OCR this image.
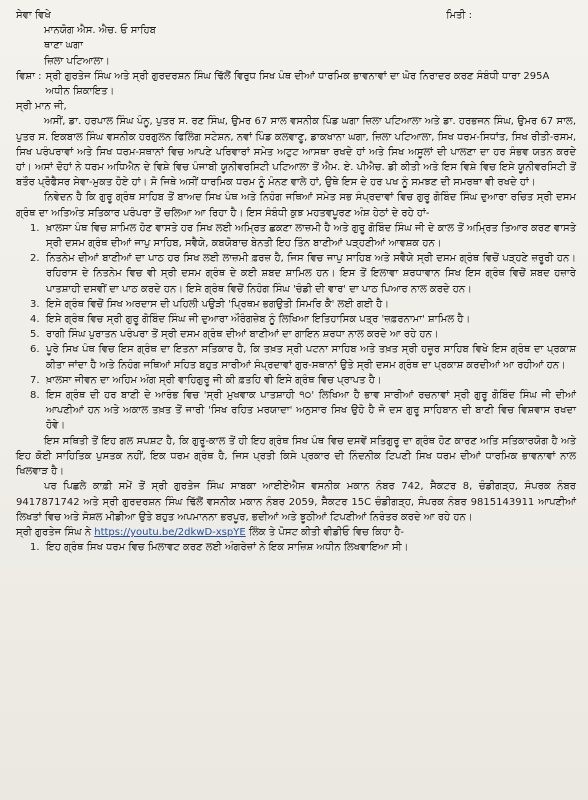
ਸੇਵਾ ਵਿਖੇ	ਮਿਤੀ :
ਮਾਨਯੋਗ ਐਸ. ਐਚ. ਓ ਸਾਹਿਬ
ਥਾਣਾ ਘਗਾ
ਜ਼ਿਲਾ ਪਟਿਆਲਾ।
ਵਿਸ਼ਾ : ਸ੍ਰੀ ਗੁਰਤੇਜ ਸਿੰਘ ਅਤੇ ਸ੍ਰੀ ਗੁਰਦਰਸ਼ਨ ਸਿੰਘ ਢਿੱਲੋਂ ਵਿਰੁਧ ਸਿਖ ਪੰਥ ਦੀਆਂ ਧਾਰਮਿਕ ਭਾਵਨਾਵਾਂ ਦਾ ਘੋਰ ਨਿਰਾਦਰ ਕਰਣ ਸੰਬੰਧੀ ਧਾਰਾ 295A ਅਧੀਨ ਸ਼ਿਕਾਇਤ।

ਸ੍ਰੀ ਮਾਨ ਜੀ,

ਅਸੀਂ, ਡਾ. ਹਰਪਾਲ ਸਿੰਘ ਪੰਨੂ, ਪੁਤਰ ਸ. ਰਣ ਸਿੰਘ, ਉਮਰ 67 ਸਾਲ ਵਸਨੀਕ ਪਿੰਡ ਘਗਾ ਜ਼ਿਲਾ ਪਟਿਆਲਾ ਅਤੇ ਡਾ. ਹਰਭਜਨ ਸਿੰਘ, ਉਮਰ 67 ਸਾਲ, ਪੁਤਰ ਸ. ਇਕਬਾਲ ਸਿੰਘ ਵਸਨੀਕ ਹਰਗੁਲਨ ਫਿਲਿੰਗ ਸਟੇਸ਼ਨ, ਨਵਾਂ ਪਿੰਡ ਕਲਵਾਣੂ, ਡਾਕਖਾਨਾ ਘਗਾ, ਜ਼ਿਲਾ ਪਟਿਆਲਾ, ਸਿਖ ਧਰਮ-ਸਿਧਾਂਤ, ਸਿਖ ਰੀਤੀ-ਰਸਮ, ਸਿਖ ਪਰੰਪਰਾਵਾਂ ਅਤੇ ਸਿਖ ਧਰਮ-ਸਥਾਨਾਂ ਵਿਚ ਆਪਣੇ ਪਰਿਵਾਰਾਂ ਸਮੇਤ ਅਟੁਟ ਆਸਥਾ ਰਖਦੇ ਹਾਂ ਅਤੇ ਸਿਖ ਅਸੂਲਾਂ ਦੀ ਪਾਲਣਾ ਦਾ ਹਰ ਸੰਭਵ ਯਤਨ ਕਰਦੇ ਹਾਂ। ਅਸਾਂ ਦੋਹਾਂ ਨੇ ਧਰਮ ਅਧਿਐਨ ਦੇ ਵਿਸ਼ੇ ਵਿਚ ਪੰਜਾਬੀ ਯੂਨੀਵਰਸਿਟੀ ਪਟਿਆਲਾ ਤੋਂ ਐਮ. ਏ. ਪੀਐਚ. ਡੀ ਕੀਤੀ ਅਤੇ ਇਸ ਵਿਸ਼ੇ ਵਿਚ ਇਸੇ ਯੂਨੀਵਰਸਿਟੀ ਤੋਂ ਬਤੌਰ ਪ੍ਰੋਫੈਸਰ ਸੇਵਾ-ਮੁਕਤ ਹੋਏ ਹਾਂ। ਸੋ ਜਿਥੇ ਅਸੀਂ ਧਾਰਮਿਕ ਧਰਮ ਨੂੰ ਮੰਨਣ ਵਾਲੇ ਹਾਂ, ਉਥੇ ਇਸ ਦੇ ਹਰ ਪਖ ਨੂੰ ਸਮਝਣ ਦੀ ਸਮਰਥਾ ਵੀ ਰਖਦੇ ਹਾਂ।

ਨਿਵੇਦਨ ਹੈ ਕਿ ਗੁਰੂ ਗ੍ਰੰਥ ਸਾਹਿਬ ਤੋਂ ਬਾਅਦ ਸਿਖ ਪੰਥ ਅਤੇ ਨਿਹੰਗ ਜਥਿਆਂ ਸਮੇਤ ਸਭ ਸੰਪ੍ਰਦਾਵਾਂ ਵਿਚ ਗੁਰੂ ਗੋਬਿੰਦ ਸਿੰਘ ਦੁਆਰਾ ਰਚਿਤ ਸ੍ਰੀ ਦਸਮ ਗ੍ਰੰਥ ਦਾ ਅਤਿਅੰਤ ਸਤਿਕਾਰ ਪਰੰਪਰਾ ਤੋਂ ਚਲਿਆ ਆ ਰਿਹਾ ਹੈ। ਇਸ ਸੰਬੰਧੀ ਕੁਝ ਮਹਤਵਪੂਰਣ ਅੰਸ਼ ਹੇਠਾਂ ਦੇ ਰਹੇ ਹਾਂ-

1. ਖ਼ਾਲਸਾ ਪੰਥ ਵਿਚ ਸ਼ਾਮਿਲ ਹੋਣ ਵਾਸਤੇ ਹਰ ਸਿਖ ਲਈ ਅਮ੍ਰਿਤ ਛਕਣਾ ਲਾਜ਼ਮੀ ਹੈ ਅਤੇ ਗੁਰੂ ਗੋਬਿੰਦ ਸਿੰਘ ਜੀ ਦੇ ਕਾਲ ਤੋਂ ਅਮ੍ਰਿਤ ਤਿਆਰ ਕਰਣ ਵਾਸਤੇ ਸ੍ਰੀ ਦਸਮ ਗ੍ਰੰਥ ਦੀਆਂ ਜਾਪੁ ਸਾਹਿਬ, ਸਵੈਯੇ, ਕਬਯੋਬਾਚ ਬੇਨਤੀ ਇਹ ਤਿੰਨ ਬਾਣੀਆਂ ਪੜ੍ਹਣੀਆਂ ਆਵਸ਼ਕ ਹਨ।
2. ਨਿਤਨੇਮ ਦੀਆਂ ਬਾਣੀਆਂ ਦਾ ਪਾਠ ਹਰ ਸਿਖ ਲਈ ਲਾਜ਼ਮੀ ਫ਼ਰਜ਼ ਹੈ, ਜਿਸ ਵਿਚ ਜਾਪੁ ਸਾਹਿਬ ਅਤੇ ਸਵੈਯੇ ਸ੍ਰੀ ਦਸਮ ਗ੍ਰੰਥ ਵਿਚੋਂ ਪੜ੍ਹਣੇ ਜ਼ਰੂਰੀ ਹਨ। ਰਹਿਰਾਸ ਦੇ ਨਿਤਨੇਮ ਵਿਚ ਵੀ ਸ੍ਰੀ ਦਸਮ ਗ੍ਰੰਥ ਦੇ ਕਈ ਸ਼ਬਦ ਸ਼ਾਮਿਲ ਹਨ। ਇਸ ਤੋਂ ਇਲਾਵਾ ਸ਼ਰਧਾਵਾਨ ਸਿਖ ਇਸ ਗ੍ਰੰਥ ਵਿਚੋਂ ਸ਼ਬਦ ਹਜ਼ਾਰੇ ਪਾਤਸ਼ਾਹੀ ਦਸਵੀਂ ਦਾ ਪਾਠ ਕਰਦੇ ਹਨ। ਇਸੇ ਗ੍ਰੰਥ ਵਿਚੋਂ ਨਿਹੰਗ ਸਿੰਘ 'ਚੰਡੀ ਦੀ ਵਾਰ' ਦਾ ਪਾਠ ਪਿਆਰ ਨਾਲ ਕਰਦੇ ਹਨ।
3. ਇਸੇ ਗ੍ਰੰਥ ਵਿਚੋਂ ਸਿਖ ਅਰਦਾਸ ਦੀ ਪਹਿਲੀ ਪਉੜੀ 'ਪ੍ਰਿਥਮ ਭਗਉਤੀ ਸਿਮਰਿ ਕੈ' ਲਈ ਗਈ ਹੈ।
4. ਇਸੇ ਗ੍ਰੰਥ ਵਿਚ ਸ੍ਰੀ ਗੁਰੂ ਗੋਬਿੰਦ ਸਿੰਘ ਜੀ ਦੁਆਰਾ ਔਰੰਗਜ਼ੇਬ ਨੂੰ ਲਿਖਿਆ ਇਤਿਹਾਸਿਕ ਪਤ੍ਰ 'ਜ਼ਫ਼ਰਨਾਮਾ' ਸ਼ਾਮਿਲ ਹੈ।
5. ਰਾਗੀ ਸਿੰਘ ਪੁਰਾਤਨ ਪਰੰਪਰਾ ਤੋਂ ਸ੍ਰੀ ਦਸਮ ਗ੍ਰੰਥ ਦੀਆਂ ਬਾਣੀਆਂ ਦਾ ਗਾਇਨ ਸ਼ਰਧਾ ਨਾਲ ਕਰਦੇ ਆ ਰਹੇ ਹਨ।
6. ਪੂਰੇ ਸਿਖ ਪੰਥ ਵਿਚ ਇਸ ਗ੍ਰੰਥ ਦਾ ਇਤਨਾ ਸਤਿਕਾਰ ਹੈ, ਕਿ ਤਖ਼ਤ ਸ੍ਰੀ ਪਟਨਾ ਸਾਹਿਬ ਅਤੇ ਤਖ਼ਤ ਸ੍ਰੀ ਹਜ਼ੂਰ ਸਾਹਿਬ ਵਿਖੇ ਇਸ ਗ੍ਰੰਥ ਦਾ ਪ੍ਰਕਾਸ਼ ਕੀਤਾ ਜਾਂਦਾ ਹੈ ਅਤੇ ਨਿਹੰਗ ਜਥਿਆਂ ਸਹਿਤ ਬਹੁਤ ਸਾਰੀਆਂ ਸੰਪ੍ਰਦਾਵਾਂ ਗੁਰ-ਸਥਾਨਾਂ ਉਤੇ ਸ੍ਰੀ ਦਸਮ ਗ੍ਰੰਥ ਦਾ ਪ੍ਰਕਾਸ਼ ਕਰਦੀਆਂ ਆ ਰਹੀਆਂ ਹਨ।
7. ਖ਼ਾਲਸਾ ਜੀਵਨ ਦਾ ਅਹਿਮ ਅੰਗ ਸ੍ਰੀ ਵਾਹਿਗੁਰੂ ਜੀ ਕੀ ਫ਼ਤਹਿ ਵੀ ਇਸੇ ਗ੍ਰੰਥ ਵਿਚ ਪ੍ਰਾਪਤ ਹੈ।
8. ਇਸ ਗ੍ਰੰਥ ਦੀ ਹਰ ਬਾਣੀ ਦੇ ਆਰੰਭ ਵਿਚ 'ਸ੍ਰੀ ਮੁਖਵਾਕ ਪਾਤਸ਼ਾਹੀ ੧੦' ਲਿਖਿਆ ਹੈ ਭਾਵ ਸਾਰੀਆਂ ਰਚਨਾਵਾਂ ਸ੍ਰੀ ਗੁਰੂ ਗੋਬਿੰਦ ਸਿੰਘ ਜੀ ਦੀਆਂ ਆਪਣੀਆਂ ਹਨ ਅਤੇ ਅਕਾਲ ਤਖ਼ਤ ਤੋਂ ਜਾਰੀ 'ਸਿਖ ਰਹਿਤ ਮਰਯਾਦਾ' ਅਨੁਸਾਰ ਸਿਖ ਉਹੋ ਹੈ ਜੋ ਦਸ ਗੁਰੂ ਸਾਹਿਬਾਨ ਦੀ ਬਾਣੀ ਵਿਚ ਵਿਸ਼ਵਾਸ ਰਖਦਾ ਹੋਵੇ।

ਇਸ ਸਥਿਤੀ ਤੋਂ ਇਹ ਗਲ ਸਪਸ਼ਟ ਹੈ, ਕਿ ਗੁਰੂ-ਕਾਲ ਤੋਂ ਹੀ ਇਹ ਗ੍ਰੰਥ ਸਿਖ ਪੰਥ ਵਿਚ ਦਸਵੇਂ ਸਤਿਗੁਰੂ ਦਾ ਗ੍ਰੰਥ ਹੋਣ ਕਾਰਣ ਅਤਿ ਸਤਿਕਾਰਯੋਗ ਹੈ ਅਤੇ ਇਹ ਕੋਈ ਸਾਹਿਤਿਕ ਪੁਸਤਕ ਨਹੀਂ, ਇਕ ਧਰਮ ਗ੍ਰੰਥ ਹੈ, ਜਿਸ ਪ੍ਰਤੀ ਕਿਸੇ ਪ੍ਰਕਾਰ ਦੀ ਨਿੰਦਨੀਕ ਟਿਪਣੀ ਸਿਖ ਧਰਮ ਦੀਆਂ ਧਾਰਮਿਕ ਭਾਵਨਾਵਾਂ ਨਾਲ ਖਿਲਵਾੜ ਹੈ।

ਪਰ ਪਿਛਲੇ ਕਾਫ਼ੀ ਸਮੇਂ ਤੋਂ ਸ੍ਰੀ ਗੁਰਤੇਜ ਸਿੰਘ ਸਾਬਕਾ ਆਈਏਐਸ ਵਸਨੀਕ ਮਕਾਨ ਨੰਬਰ 742, ਸੈਕਟਰ 8, ਚੰਡੀਗੜ੍ਹ, ਸੰਪਰਕ ਨੰਬਰ 9417871742 ਅਤੇ ਸ੍ਰੀ ਗੁਰਦਰਸ਼ਨ ਸਿੰਘ ਢਿੱਲੋਂ ਵਸਨੀਕ ਮਕਾਨ ਨੰਬਰ 2059, ਸੈਕਟਰ 15C ਚੰਡੀਗੜ੍ਹ, ਸੰਪਰਕ ਨੰਬਰ 9815143911 ਆਪਣੀਆਂ ਲਿਖਤਾਂ ਵਿਚ ਅਤੇ ਸੋਸ਼ਲ ਮੀਡੀਆ ਉਤੇ ਬਹੁਤ ਅਪਮਾਨਨਾ ਭਰਪੂਰ, ਭਦੀਆਂ ਅਤੇ ਝੂਠੀਆਂ ਟਿਪਣੀਆਂ ਨਿਰੰਤਰ ਕਰਦੇ ਆ ਰਹੇ ਹਨ।

ਸ੍ਰੀ ਗੁਰਤੇਜ ਸਿੰਘ ਨੇ https://youtu.be/2dkwD-xspYE ਲਿੰਕ ਤੇ ਪੋਸਟ ਕੀਤੀ ਵੀਡੀਓ ਵਿਚ ਕਿਹਾ ਹੈ-

1. ਇਹ ਗ੍ਰੰਥ ਸਿਖ ਧਰਮ ਵਿਚ ਮਿਲਾਵਟ ਕਰਣ ਲਈ ਅੰਗਰੇਜ਼ਾਂ ਨੇ ਇਕ ਸਾਜ਼ਿਸ਼ ਅਧੀਨ ਲਿਖਵਾਇਆ ਸੀ।
